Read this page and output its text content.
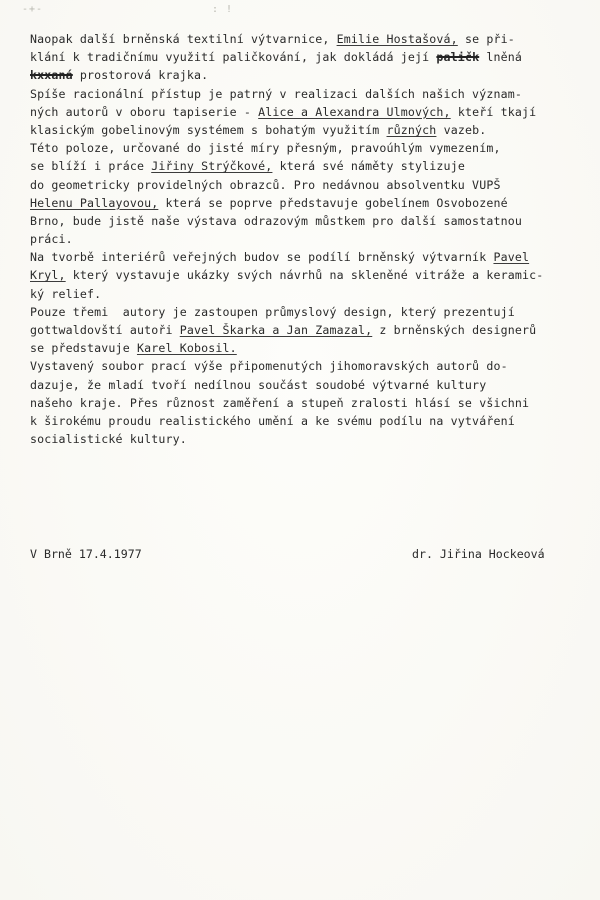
-+-	: !
Naopak další brněnská textilní výtvarnice, Emilie Hostašová, se při-
klání k tradičnímu využití paličkování, jak dokládá její paličk lněná
kxxaná prostorová krajka.
Spíše racionální přístup je patrný v realizaci dalších našich význam-
ných autorů v oboru tapiserie - Alice a Alexandra Ulmových, kteří tkají
klasickým gobelinovým systémem s bohatým využitím různých vazeb.
Této poloze, určované do jisté míry přesným, pravoúhlým vymezením,
se blíží i práce Jiřiny Strýčkové, která své náměty stylizuje
do geometricky providelných obrazců. Pro nedávnou absolventku VUPŠ
Helenu Pallayovou, která se poprve představuje gobelínem Osvobozené
Brno, bude jistě naše výstava odrazovým můstkem pro další samostatnou
práci.
Na tvorbě interiérů veřejných budov se podílí brněnský výtvarník Pavel
Kryl, který vystavuje ukázky svých návrhů na skleněné vitráže a keramic-
ký relief.
Pouze třemi  autory je zastoupen průmyslový design, který prezentují
gottwaldovští autoři Pavel Škarka a Jan Zamazal, z brněnských designerů
se představuje Karel Kobosil.
Vystavený soubor prací výše připomenutých jihomoravských autorů do-
dazuje, že mladí tvoří nedílnou součást soudobé výtvarné kultury
našeho kraje. Přes různost zaměření a stupeň zralosti hlásí se všichni
k širokému proudu realistického umění a ke svému podílu na vytváření
socialistické kultury.
V Brně 17.4.1977	dr. Jiřina Hockeová
